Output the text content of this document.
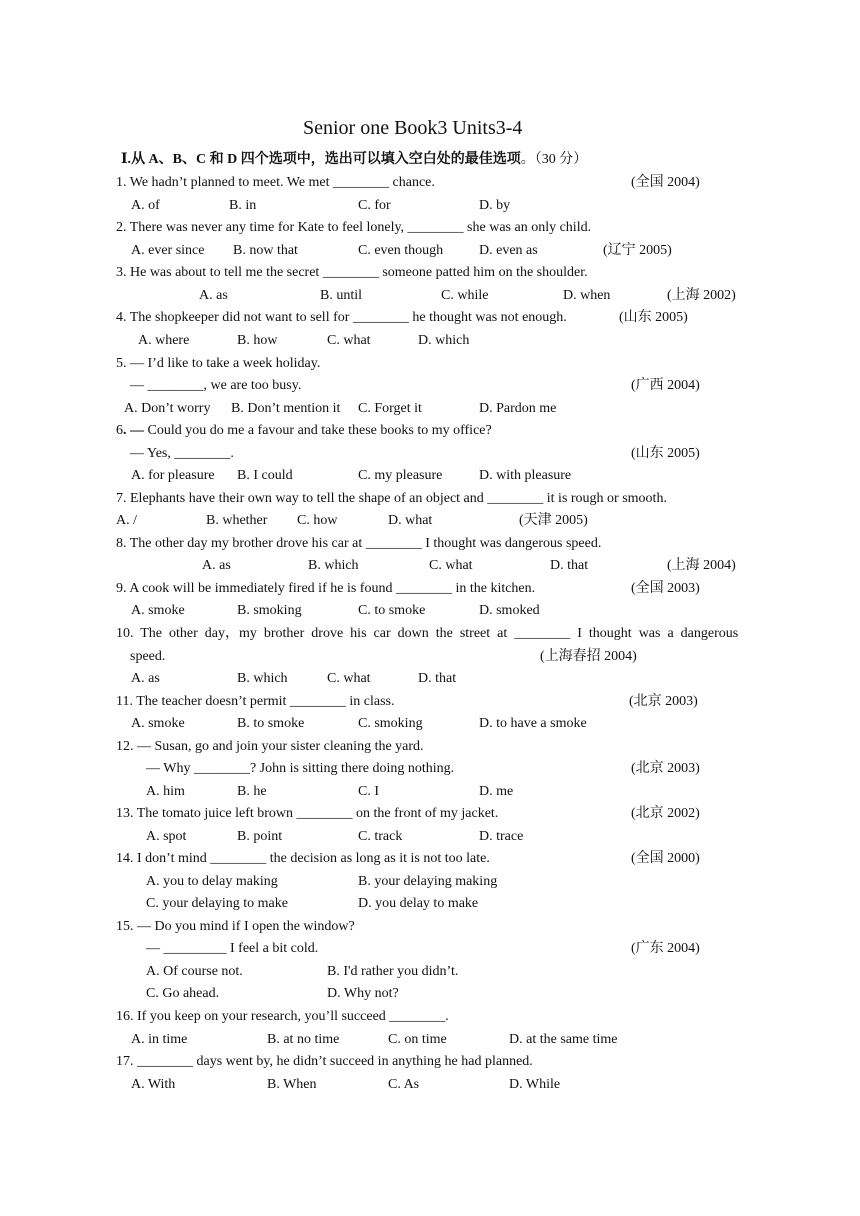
Senior one Book3 Units3-4
Ⅰ.从 A、B、C 和 D 四个选项中，选出可以填入空白处的最佳选项。（30 分）
1. We hadn’t planned to meet. We met ________ chance.	(全国 2004)
A. of	B. in	C. for	D. by
2. There was never any time for Kate to feel lonely, ________ she was an only child.
A. ever since B. now that	C. even though	D. even as	(辽宁 2005)
3. He was about to tell me the secret ________ someone patted him on the shoulder.
A. as	B. until	C. while	D. when	(上海 2002)
4. The shopkeeper did not want to sell for ________ he thought was not enough.	(山东 2005)
A. where	B. how	C. what	D. which
5. — I’d like to take a week holiday.
— ________, we are too busy.	(广西 2004)
A. Don’t worry B. Don’t mention it C. Forget it	D. Pardon me
6. — Could you do me a favour and take these books to my office?
— Yes, ________.	(山东 2005)
A. for pleasure B. I could	C. my pleasure	D. with pleasure
7. Elephants have their own way to tell the shape of an object and ________ it is rough or smooth.
A. /	B. whether C. how	D. what	(天津 2005)
8. The other day my brother drove his car at ________ I thought was dangerous speed.
A. as	B. which	C. what	D. that	(上海 2004)
9. A cook will be immediately fired if he is found ________ in the kitchen.	(全国 2003)
A. smoke	B. smoking	C. to smoke	D. smoked
10.  The  other  day，my  brother  drove  his  car  down  the  street  at  ________  I  thought  was  a  dangerous
speed.	(上海春招 2004)
A. as	B. which	C. what	D. that
11. The teacher doesn’t permit ________ in class.	(北京 2003)
A. smoke	B. to smoke	C. smoking	D. to have a smoke
12. — Susan, go and join your sister cleaning the yard.
— Why ________? John is sitting there doing nothing.	(北京 2003)
A. him	B. he	C. I	D. me
13. The tomato juice left brown ________ on the front of my jacket.	(北京 2002)
A. spot	B. point	C. track	D. trace
14. I don’t mind ________ the decision as long as it is not too late.	(全国 2000)
A. you to delay making	B. your delaying making
C. your delaying to make	D. you delay to make
15. — Do you mind if I open the window?
— _________ I feel a bit cold.	(广东 2004)
A. Of course not.	B. I'd rather you didn’t.
C. Go ahead.	D. Why not?
16. If you keep on your research, you’ll succeed ________.
A. in time	B. at no time	C. on time	D. at the same time
17. ________ days went by, he didn’t succeed in anything he had planned.
A. With	B. When	C. As	D. While
